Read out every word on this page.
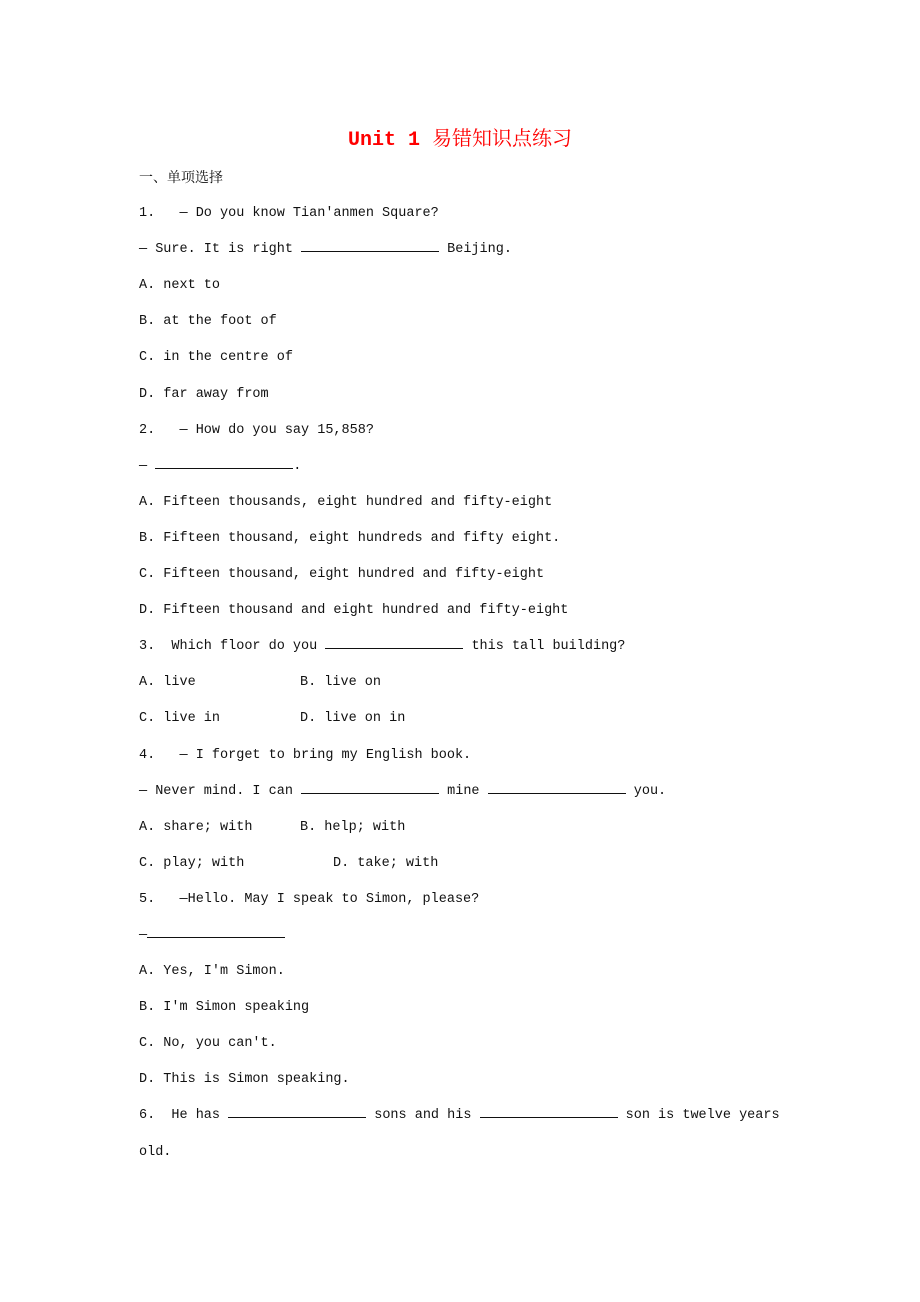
Unit 1 易错知识点练习
一、单项选择
1.   — Do you know Tian'anmen Square?
— Sure. It is right	Beijing.
A. next to
B. at the foot of
C. in the centre of
D. far away from
2.   — How do you say 15,858?
—	.
A. Fifteen thousands, eight hundred and fifty-eight
B. Fifteen thousand, eight hundreds and fifty eight.
C. Fifteen thousand, eight hundred and fifty-eight
D. Fifteen thousand and eight hundred and fifty-eight
3.  Which floor do you	this tall building?
A. live	B. live on
C. live in	D. live on in
4.   — I forget to bring my English book.
— Never mind. I can	mine	you.
A. share; with	B. help; with
C. play; with	D. take; with
5.   —Hello. May I speak to Simon, please?
—
A. Yes, I'm Simon.
B. I'm Simon speaking
C. No, you can't.
D. This is Simon speaking.
6.  He has	sons and his	son is twelve years
old.
